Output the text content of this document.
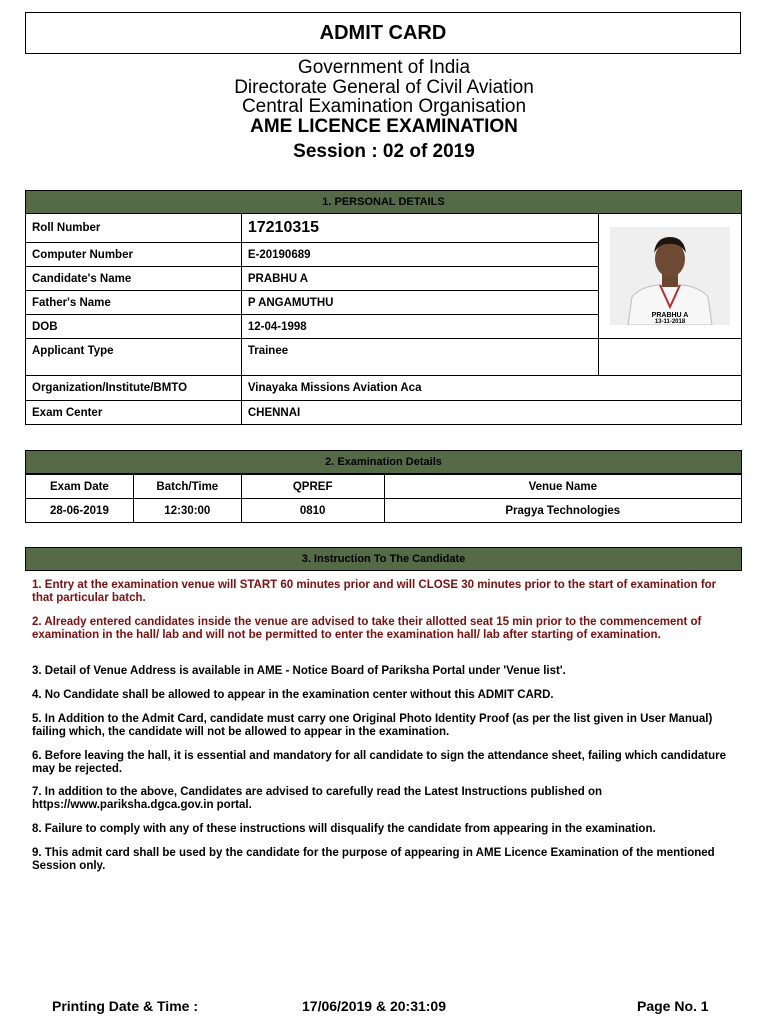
ADMIT CARD
Government of India
Directorate General of Civil Aviation
Central Examination Organisation
AME LICENCE EXAMINATION
Session : 02 of 2019
1. PERSONAL DETAILS
Roll Number	17210315	PRABHU A
13-11-2018

Computer Number	E-20190689	
Candidate's Name	PRABHU A	
Father's Name	P ANGAMUTHU	
DOB	12-04-1998	
Applicant Type	Trainee	
Organization/Institute/BMTO	Vinayaka Missions Aviation Aca	
Exam Center	CHENNAI	
2. Examination Details
Exam Date	Batch/Time	QPREF	Venue Name
28-06-2019	12:30:00	0810	Pragya Technologies
3. Instruction To The Candidate

1. Entry at the examination venue will START 60 minutes prior and will CLOSE 30 minutes prior to the start of examination for that particular batch.

2. Already entered candidates inside the venue are advised to take their allotted seat 15 min prior to the commencement of examination in the hall/ lab and will not be permitted to enter the examination hall/ lab after starting of examination.

3. Detail of Venue Address is available in AME - Notice Board of Pariksha Portal under 'Venue list'.

4. No Candidate shall be allowed to appear in the examination center without this ADMIT CARD.

5. In Addition to the Admit Card, candidate must carry one Original Photo Identity Proof (as per the list given in User Manual) failing which, the candidate will not be allowed to appear in the examination.

6. Before leaving the hall, it is essential and mandatory for all candidate to sign the attendance sheet, failing which candidature may be rejected.

7. In addition to the above, Candidates are advised to carefully read the Latest Instructions published on https://www.pariksha.dgca.gov.in portal.

8. Failure to comply with any of these instructions will disqualify the candidate from appearing in the examination.

9. This admit card shall be used by the candidate for the purpose of appearing in AME Licence Examination of the mentioned Session only.

Printing Date & Time :	17/06/2019 & 20:31:09	Page No. 1
